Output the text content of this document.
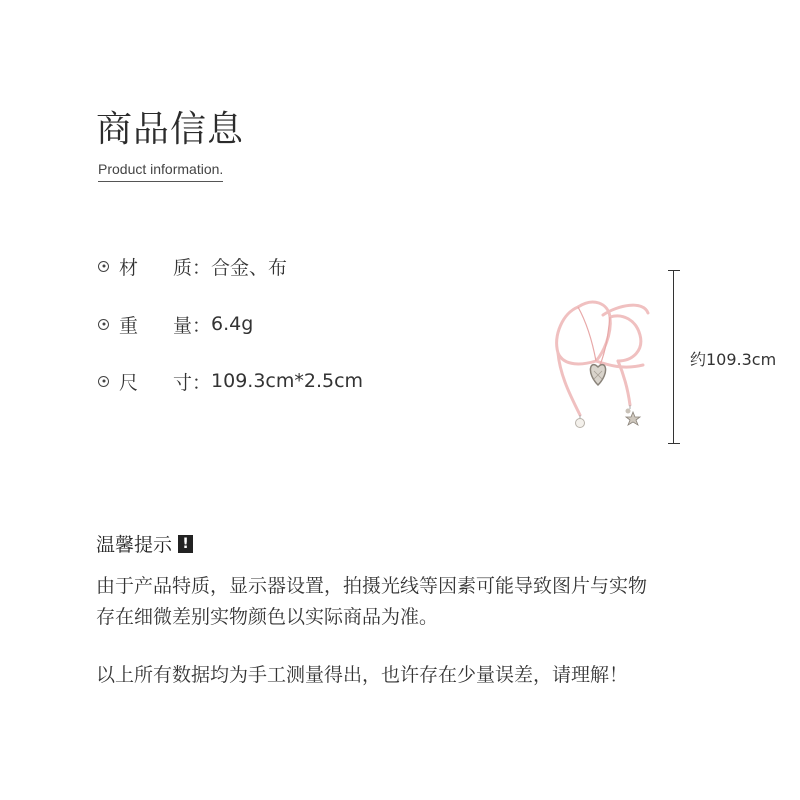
商品信息
Product information.
材	质： 合金、布
重	量： 6.4g
尺	寸： 109.3cm*2.5cm
约109.3cm
温馨提示 !
由于产品特质，显示器设置，拍摄光线等因素可能导致图片与实物
存在细微差别实物颜色以实际商品为准。
以上所有数据均为手工测量得出，也许存在少量误差，请理解！
